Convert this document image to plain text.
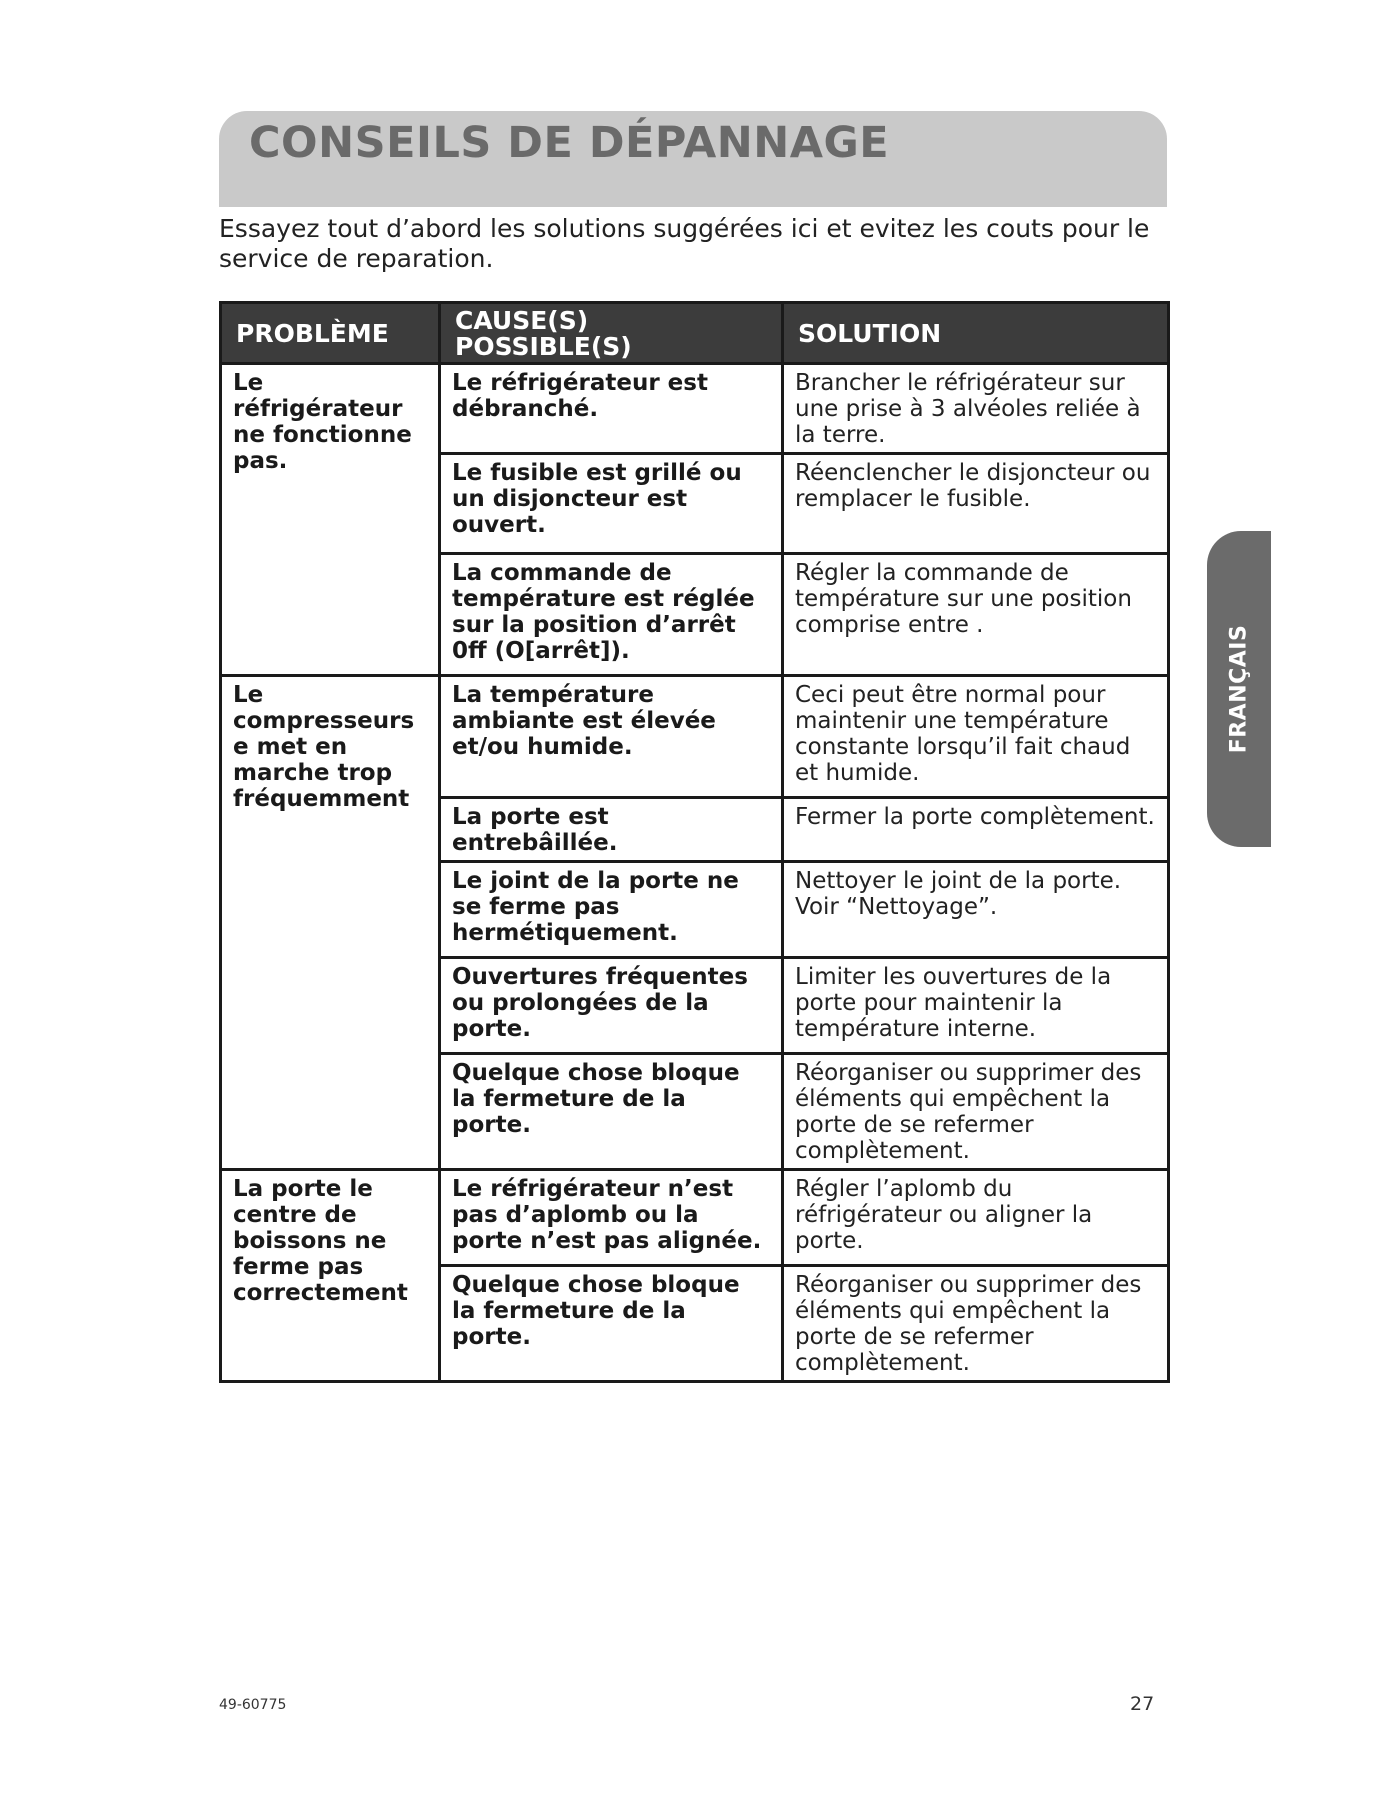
CONSEILS DE DÉPANNAGE
Essayez tout d’abord les solutions suggérées ici et evitez les couts pour le service de reparation.
FRANÇAIS
PROBLÈME	CAUSE(S) POSSIBLE(S)	SOLUTION
Le réfrigérateur ne fonctionne pas.	Le réfrigérateur est débranché.	Brancher le réfrigérateur sur une prise à 3 alvéoles reliée à la terre.
	Le fusible est grillé ou un disjoncteur est ouvert.	Réenclencher le disjoncteur ou remplacer le fusible.
	La commande de température est réglée sur la position d’arrêt 0ff (O[arrêt]).	Régler la commande de température sur une position comprise entre .
Le compresseurs e met en marche trop fréquemment	La température ambiante est élevée et/ou humide.	Ceci peut être normal pour maintenir une température constante lorsqu’il fait chaud et humide.
	La porte est entrebâillée.	Fermer la porte complètement.
	Le joint de la porte ne se ferme pas hermétiquement.	Nettoyer le joint de la porte. Voir “Nettoyage”.
	Ouvertures fréquentes ou prolongées de la porte.	Limiter les ouvertures de la porte pour maintenir la température interne.
	Quelque chose bloque la fermeture de la porte.	Réorganiser ou supprimer des éléments qui empêchent la porte de se refermer complètement.
La porte le centre de boissons ne ferme pas correctement	Le réfrigérateur n’est pas d’aplomb ou la porte n’est pas alignée.	Régler l’aplomb du réfrigérateur ou aligner la porte.
	Quelque chose bloque la fermeture de la porte.	Réorganiser ou supprimer des éléments qui empêchent la porte de se refermer complètement.
49-60775	27
